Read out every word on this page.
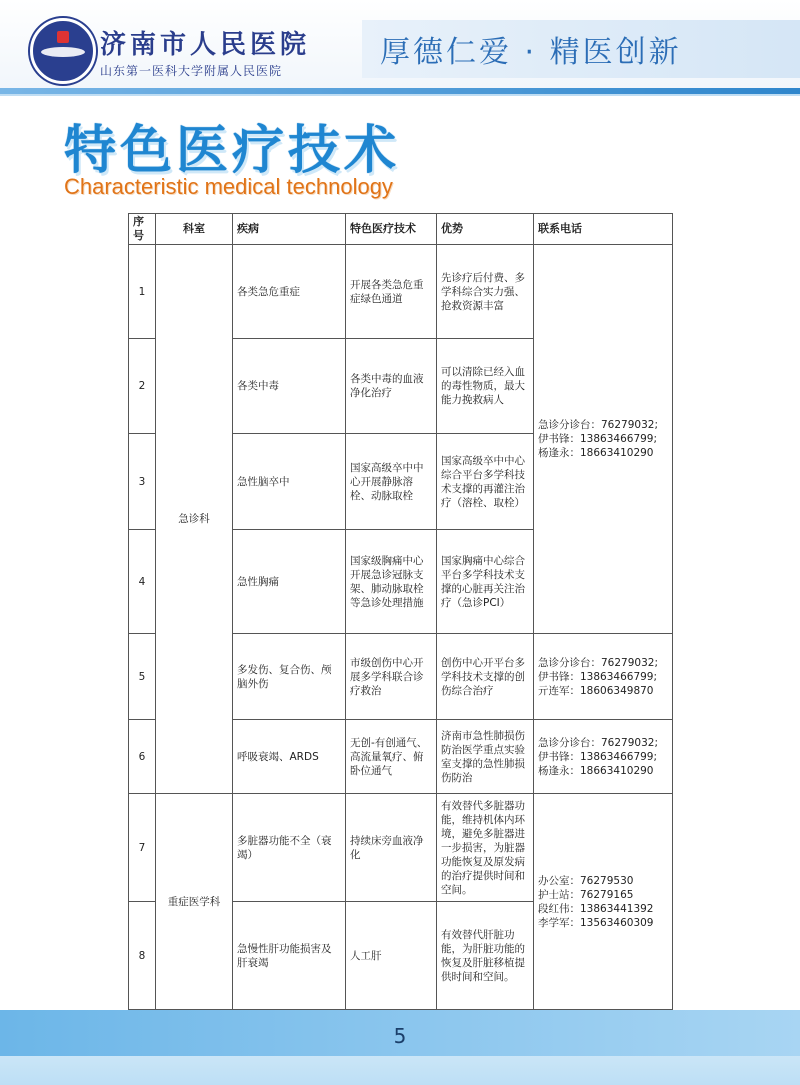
济南市人民医院
山东第一医科大学附属人民医院
厚德仁爱 · 精医创新
特色医疗技术
Characteristic medical technology
序号	科室	疾病	特色医疗技术	优势	联系电话
1	急诊科	各类急危重症	开展各类急危重症绿色通道	先诊疗后付费、多学科综合实力强、抢救资源丰富	急诊分诊台：76279032;
伊书锋：13863466799;
杨逢永：18663410290

2		各类中毒	各类中毒的血液净化治疗	可以清除已经入血的毒性物质，最大能力挽救病人	
3		急性脑卒中	国家高级卒中中心开展静脉溶栓、动脉取栓	国家高级卒中中心综合平台多学科技术支撑的再灌注治疗（溶栓、取栓）	
4		急性胸痛	国家级胸痛中心开展急诊冠脉支架、肺动脉取栓等急诊处理措施	国家胸痛中心综合平台多学科技术支撑的心脏再关注治疗（急诊PCI）	
5		多发伤、复合伤、颅脑外伤	市级创伤中心开展多学科联合诊疗救治	创伤中心开平台多学科技术支撑的创伤综合治疗	急诊分诊台：76279032;
伊书锋：13863466799;
亓连军：18606349870

6		呼吸衰竭、ARDS	无创-有创通气、高流量氧疗、俯卧位通气	济南市急性肺损伤防治医学重点实验室支撑的急性肺损伤防治	急诊分诊台：76279032;
伊书锋：13863466799;
杨逢永：18663410290

7	重症医学科	多脏器功能不全（衰竭）	持续床旁血液净化	有效替代多脏器功能，维持机体内环境，避免多脏器进一步损害，为脏器功能恢复及原发病的治疗提供时间和空间。	办公室：76279530
护士站：76279165
段红伟：13863441392
李学军：13563460309

8		急慢性肝功能损害及肝衰竭	人工肝	有效替代肝脏功能，为肝脏功能的恢复及肝脏移植提供时间和空间。	
5
